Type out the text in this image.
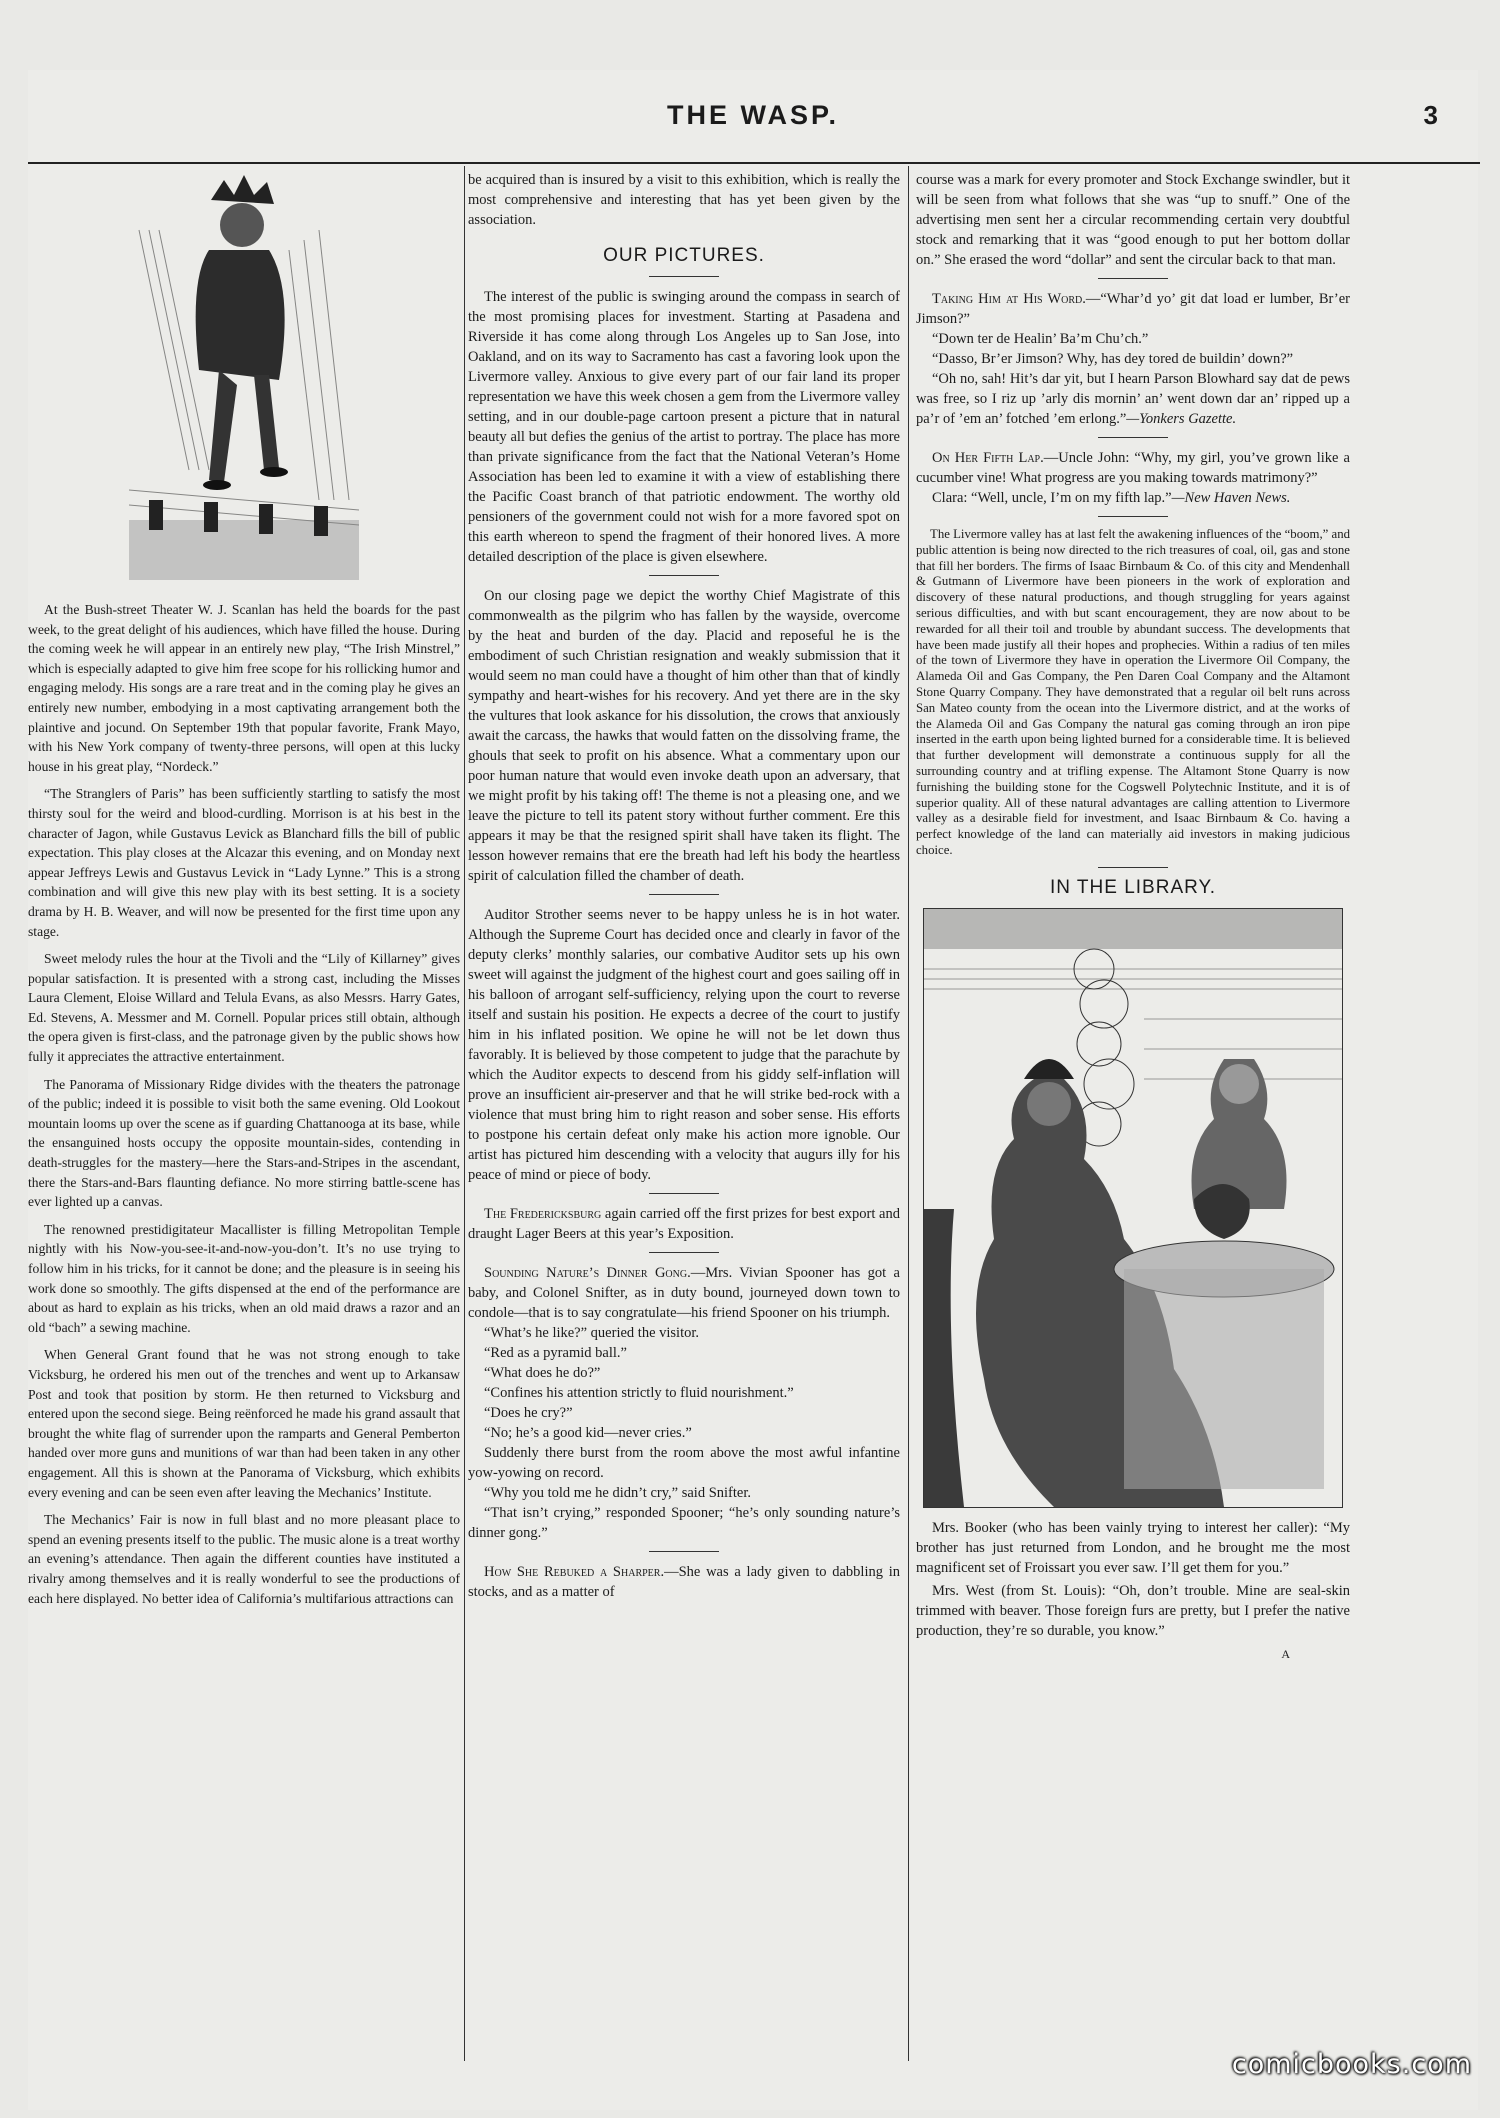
THE WASP.	3

At the Bush-street Theater W. J. Scanlan has held the boards for the past week, to the great delight of his audiences, which have filled the house. During the coming week he will appear in an entirely new play, “The Irish Minstrel,” which is especially adapted to give him free scope for his rollicking humor and engaging melody. His songs are a rare treat and in the coming play he gives an entirely new number, embodying in a most captivating arrangement both the plaintive and jocund. On September 19th that popular favorite, Frank Mayo, with his New York company of twenty-three persons, will open at this lucky house in his great play, “Nordeck.”

“The Stranglers of Paris” has been sufficiently startling to satisfy the most thirsty soul for the weird and blood-curdling. Morrison is at his best in the character of Jagon, while Gustavus Levick as Blanchard fills the bill of public expectation. This play closes at the Alcazar this evening, and on Monday next appear Jeffreys Lewis and Gustavus Levick in “Lady Lynne.” This is a strong combination and will give this new play with its best setting. It is a society drama by H. B. Weaver, and will now be presented for the first time upon any stage.

Sweet melody rules the hour at the Tivoli and the “Lily of Killarney” gives popular satisfaction. It is presented with a strong cast, including the Misses Laura Clement, Eloise Willard and Telula Evans, as also Messrs. Harry Gates, Ed. Stevens, A. Messmer and M. Cornell. Popular prices still obtain, although the opera given is first-class, and the patronage given by the public shows how fully it appreciates the attractive entertainment.

The Panorama of Missionary Ridge divides with the theaters the patronage of the public; indeed it is possible to visit both the same evening. Old Lookout mountain looms up over the scene as if guarding Chattanooga at its base, while the ensanguined hosts occupy the opposite mountain-sides, contending in death-struggles for the mastery—here the Stars-and-Stripes in the ascendant, there the Stars-and-Bars flaunting defiance. No more stirring battle-scene has ever lighted up a canvas.

The renowned prestidigitateur Macallister is filling Metropolitan Temple nightly with his Now-you-see-it-and-now-you-don’t. It’s no use trying to follow him in his tricks, for it cannot be done; and the pleasure is in seeing his work done so smoothly. The gifts dispensed at the end of the performance are about as hard to explain as his tricks, when an old maid draws a razor and an old “bach” a sewing machine.

When General Grant found that he was not strong enough to take Vicksburg, he ordered his men out of the trenches and went up to Arkansaw Post and took that position by storm. He then returned to Vicksburg and entered upon the second siege. Being reënforced he made his grand assault that brought the white flag of surrender upon the ramparts and General Pemberton handed over more guns and munitions of war than had been taken in any other engagement. All this is shown at the Panorama of Vicksburg, which exhibits every evening and can be seen even after leaving the Mechanics’ Institute.

The Mechanics’ Fair is now in full blast and no more pleasant place to spend an evening presents itself to the public. The music alone is a treat worthy an evening’s attendance. Then again the different counties have instituted a rivalry among themselves and it is really wonderful to see the productions of each here displayed. No better idea of California’s multifarious attractions can

be acquired than is insured by a visit to this exhibition, which is really the most comprehensive and interesting that has yet been given by the association.

OUR PICTURES.

The interest of the public is swinging around the compass in search of the most promising places for investment. Starting at Pasadena and Riverside it has come along through Los Angeles up to San Jose, into Oakland, and on its way to Sacramento has cast a favoring look upon the Livermore valley. Anxious to give every part of our fair land its proper representation we have this week chosen a gem from the Livermore valley setting, and in our double-page cartoon present a picture that in natural beauty all but defies the genius of the artist to portray. The place has more than private significance from the fact that the National Veteran’s Home Association has been led to examine it with a view of establishing there the Pacific Coast branch of that patriotic endowment. The worthy old pensioners of the government could not wish for a more favored spot on this earth whereon to spend the fragment of their honored lives. A more detailed description of the place is given elsewhere.

On our closing page we depict the worthy Chief Magistrate of this commonwealth as the pilgrim who has fallen by the wayside, overcome by the heat and burden of the day. Placid and reposeful he is the embodiment of such Christian resignation and weakly submission that it would seem no man could have a thought of him other than that of kindly sympathy and heart-wishes for his recovery. And yet there are in the sky the vultures that look askance for his dissolution, the crows that anxiously await the carcass, the hawks that would fatten on the dissolving frame, the ghouls that seek to profit on his absence. What a commentary upon our poor human nature that would even invoke death upon an adversary, that we might profit by his taking off! The theme is not a pleasing one, and we leave the picture to tell its patent story without further comment. Ere this appears it may be that the resigned spirit shall have taken its flight. The lesson however remains that ere the breath had left his body the heartless spirit of calculation filled the chamber of death.

Auditor Strother seems never to be happy unless he is in hot water. Although the Supreme Court has decided once and clearly in favor of the deputy clerks’ monthly salaries, our combative Auditor sets up his own sweet will against the judgment of the highest court and goes sailing off in his balloon of arrogant self-sufficiency, relying upon the court to reverse itself and sustain his position. He expects a decree of the court to justify him in his inflated position. We opine he will not be let down thus favorably. It is believed by those competent to judge that the parachute by which the Auditor expects to descend from his giddy self-inflation will prove an insufficient air-preserver and that he will strike bed-rock with a violence that must bring him to right reason and sober sense. His efforts to postpone his certain defeat only make his action more ignoble. Our artist has pictured him descending with a velocity that augurs illy for his peace of mind or piece of body.

The Fredericksburg again carried off the first prizes for best export and draught Lager Beers at this year’s Exposition.

Sounding Nature’s Dinner Gong.—Mrs. Vivian Spooner has got a baby, and Colonel Snifter, as in duty bound, journeyed down town to condole—that is to say congratulate—his friend Spooner on his triumph.

“What’s he like?” queried the visitor.

“Red as a pyramid ball.”

“What does he do?”

“Confines his attention strictly to fluid nourishment.”

“Does he cry?”

“No; he’s a good kid—never cries.”

Suddenly there burst from the room above the most awful infantine yow-yowing on record.

“Why you told me he didn’t cry,” said Snifter.

“That isn’t crying,” responded Spooner; “he’s only sounding nature’s dinner gong.”

How She Rebuked a Sharper.—She was a lady given to dabbling in stocks, and as a matter of

course was a mark for every promoter and Stock Exchange swindler, but it will be seen from what follows that she was “up to snuff.” One of the advertising men sent her a circular recommending certain very doubtful stock and remarking that it was “good enough to put her bottom dollar on.” She erased the word “dollar” and sent the circular back to that man.

Taking Him at His Word.—“Whar’d yo’ git dat load er lumber, Br’er Jimson?”

“Down ter de Healin’ Ba’m Chu’ch.”

“Dasso, Br’er Jimson? Why, has dey tored de buildin’ down?”

“Oh no, sah! Hit’s dar yit, but I hearn Parson Blowhard say dat de pews was free, so I riz up ’arly dis mornin’ an’ went down dar an’ ripped up a pa’r of ’em an’ fotched ’em erlong.”—Yonkers Gazette.

On Her Fifth Lap.—Uncle John: “Why, my girl, you’ve grown like a cucumber vine! What progress are you making towards matrimony?”

Clara: “Well, uncle, I’m on my fifth lap.”—New Haven News.

The Livermore valley has at last felt the awakening influences of the “boom,” and public attention is being now directed to the rich treasures of coal, oil, gas and stone that fill her borders. The firms of Isaac Birnbaum & Co. of this city and Mendenhall & Gutmann of Livermore have been pioneers in the work of exploration and discovery of these natural productions, and though struggling for years against serious difficulties, and with but scant encouragement, they are now about to be rewarded for all their toil and trouble by abundant success. The developments that have been made justify all their hopes and prophecies. Within a radius of ten miles of the town of Livermore they have in operation the Livermore Oil Company, the Alameda Oil and Gas Company, the Pen Daren Coal Company and the Altamont Stone Quarry Company. They have demonstrated that a regular oil belt runs across San Mateo county from the ocean into the Livermore district, and at the works of the Alameda Oil and Gas Company the natural gas coming through an iron pipe inserted in the earth upon being lighted burned for a considerable time. It is believed that further development will demonstrate a continuous supply for all the surrounding country and at trifling expense. The Altamont Stone Quarry is now furnishing the building stone for the Cogswell Polytechnic Institute, and it is of superior quality. All of these natural advantages are calling attention to Livermore valley as a desirable field for investment, and Isaac Birnbaum & Co. having a perfect knowledge of the land can materially aid investors in making judicious choice.

IN THE LIBRARY.

Mrs. Booker (who has been vainly trying to interest her caller): “My brother has just returned from London, and he brought me the most magnificent set of Froissart you ever saw. I’ll get them for you.”

Mrs. West (from St. Louis): “Oh, don’t trouble. Mine are seal-skin trimmed with beaver. Those foreign furs are pretty, but I prefer the native production, they’re so durable, you know.”

A
comicbooks.com
